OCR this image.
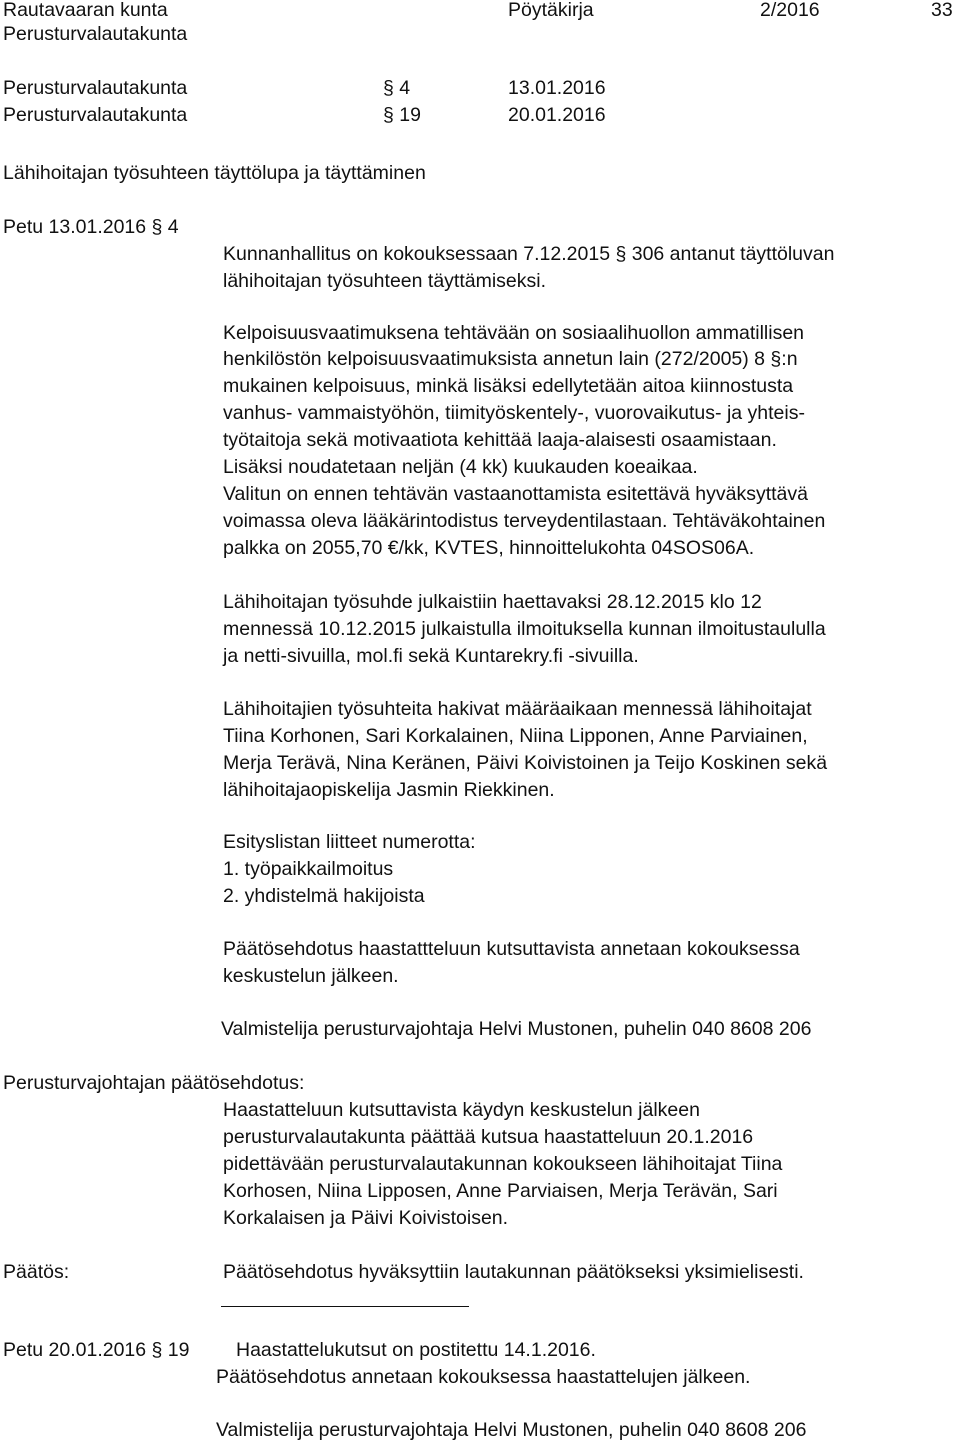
Rautavaaran kunta	Pöytäkirja	2/2016	33

Perusturvalautakunta

Perusturvalautakunta	§ 4	13.01.2016

Perusturvalautakunta	§ 19	20.01.2016

Lähihoitajan työsuhteen täyttölupa ja täyttäminen

Petu 13.01.2016 § 4

Kunnanhallitus on kokouksessaan 7.12.2015 § 306 antanut täyttöluvan

lähihoitajan työsuhteen täyttämiseksi.

Kelpoisuusvaatimuksena tehtävään on sosiaalihuollon ammatillisen

henkilöstön kelpoisuusvaatimuksista annetun lain (272/2005) 8 §:n

mukainen kelpoisuus, minkä lisäksi edellytetään aitoa kiinnostusta

vanhus- vammaistyöhön, tiimityöskentely-, vuorovaikutus- ja yhteis-

työtaitoja sekä motivaatiota kehittää laaja-alaisesti osaamistaan.

Lisäksi noudatetaan neljän (4 kk) kuukauden koeaikaa.

Valitun on ennen tehtävän vastaanottamista esitettävä hyväksyttävä

voimassa oleva lääkärintodistus terveydentilastaan. Tehtäväkohtainen

palkka on 2055,70 €/kk, KVTES, hinnoittelukohta 04SOS06A.

Lähihoitajan työsuhde julkaistiin haettavaksi 28.12.2015 klo 12

mennessä 10.12.2015 julkaistulla ilmoituksella kunnan ilmoitustaululla

ja netti-sivuilla, mol.fi sekä Kuntarekry.fi -sivuilla.

Lähihoitajien työsuhteita hakivat määräaikaan mennessä lähihoitajat

Tiina Korhonen, Sari Korkalainen, Niina Lipponen, Anne Parviainen,

Merja Terävä, Nina Keränen, Päivi Koivistoinen ja Teijo Koskinen sekä

lähihoitajaopiskelija Jasmin Riekkinen.

Esityslistan liitteet numerotta:

1. työpaikkailmoitus

2. yhdistelmä hakijoista

Päätösehdotus haastattteluun kutsuttavista annetaan kokouksessa

keskustelun jälkeen.

Valmistelija perusturvajohtaja Helvi Mustonen, puhelin 040 8608 206

Perusturvajohtajan päätösehdotus:

Haastatteluun kutsuttavista käydyn keskustelun jälkeen

perusturvalautakunta päättää kutsua haastatteluun 20.1.2016

pidettävään perusturvalautakunnan kokoukseen lähihoitajat Tiina

Korhosen, Niina Lipposen, Anne Parviaisen, Merja Terävän, Sari

Korkalaisen ja Päivi Koivistoisen.

Päätös:	Päätösehdotus hyväksyttiin lautakunnan päätökseksi yksimielisesti.

Petu 20.01.2016 § 19 Haastattelukutsut on postitettu 14.1.2016.

Päätösehdotus annetaan kokouksessa haastattelujen jälkeen.

Valmistelija perusturvajohtaja Helvi Mustonen, puhelin 040 8608 206
